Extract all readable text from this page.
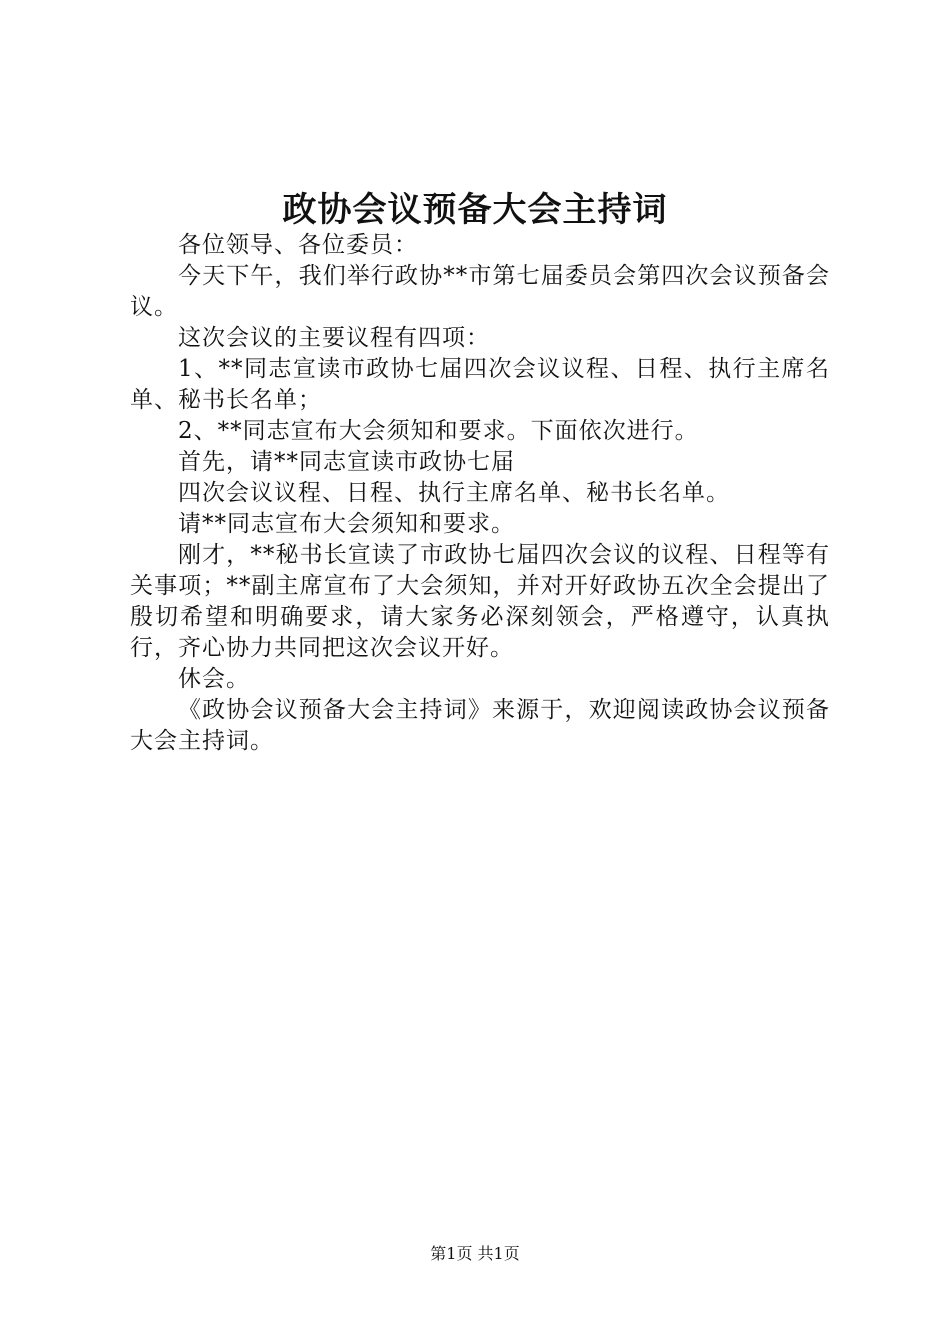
政协会议预备大会主持词

各位领导、各位委员：

今天下午，我们举行政协**市第七届委员会第四次会议预备会议。

这次会议的主要议程有四项：

1、**同志宣读市政协七届四次会议议程、日程、执行主席名单、秘书长名单；

2、**同志宣布大会须知和要求。下面依次进行。

首先，请**同志宣读市政协七届

四次会议议程、日程、执行主席名单、秘书长名单。

请**同志宣布大会须知和要求。

刚才，**秘书长宣读了市政协七届四次会议的议程、日程等有关事项；**副主席宣布了大会须知，并对开好政协五次全会提出了殷切希望和明确要求，请大家务必深刻领会，严格遵守，认真执行，齐心协力共同把这次会议开好。

休会。

《政协会议预备大会主持词》来源于，欢迎阅读政协会议预备大会主持词。

第1页 共1页
